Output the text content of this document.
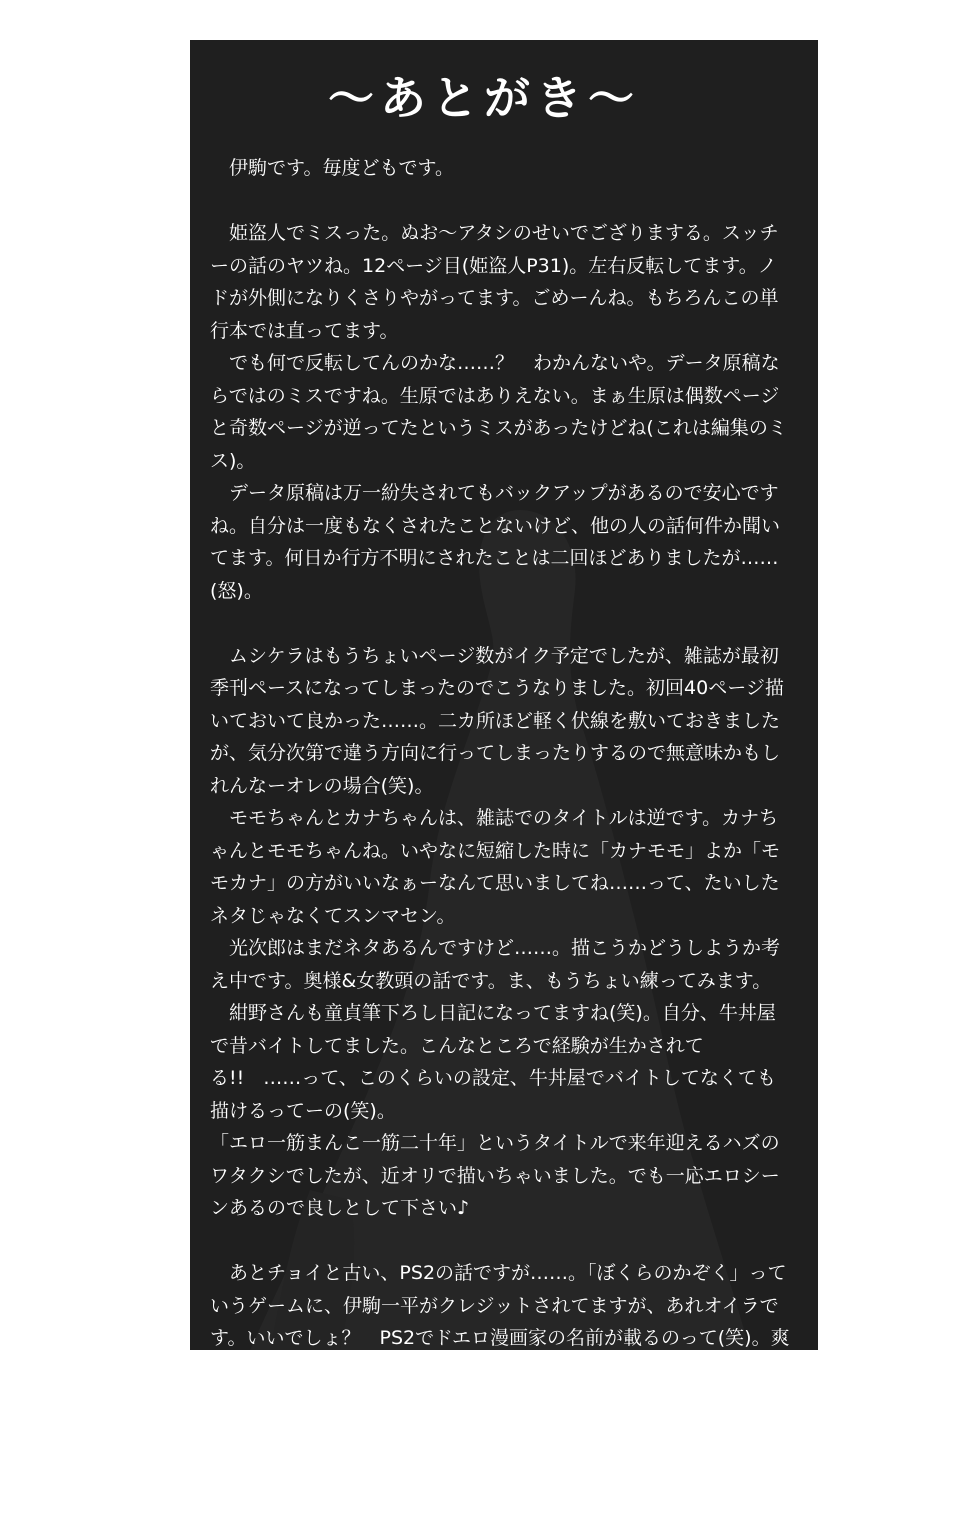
〜あとがき〜

伊駒です。毎度どもです。

姫盗人でミスった。ぬお〜アタシのせいでござりまする。スッチーの話のヤツね。12ページ目(姫盗人P31)。左右反転してます。ノドが外側になりくさりやがってます。ごめーんね。もちろんこの単行本では直ってます。

でも何で反転してんのかな……？　わかんないや。データ原稿ならではのミスですね。生原ではありえない。まぁ生原は偶数ページと奇数ページが逆ってたというミスがあったけどね(これは編集のミス)。

データ原稿は万一紛失されてもバックアップがあるので安心ですね。自分は一度もなくされたことないけど、他の人の話何件か聞いてます。何日か行方不明にされたことは二回ほどありましたが……(怒)。

ムシケラはもうちょいページ数がイク予定でしたが、雑誌が最初季刊ペースになってしまったのでこうなりました。初回40ページ描いておいて良かった……。二カ所ほど軽く伏線を敷いておきましたが、気分次第で違う方向に行ってしまったりするので無意味かもしれんなーオレの場合(笑)。

モモちゃんとカナちゃんは、雑誌でのタイトルは逆です。カナちゃんとモモちゃんね。いやなに短縮した時に「カナモモ」よか「モモカナ」の方がいいなぁーなんて思いましてね……って、たいしたネタじゃなくてスンマセン。

光次郎はまだネタあるんですけど……。描こうかどうしようか考え中です。奥様&女教頭の話です。ま、もうちょい練ってみます。

紺野さんも童貞筆下ろし日記になってますね(笑)。自分、牛丼屋で昔バイトしてました。こんなところで経験が生かされてる!!　……って、このくらいの設定、牛丼屋でバイトしてなくても描けるってーの(笑)。

「エロ一筋まんこ一筋二十年」というタイトルで来年迎えるハズのワタクシでしたが、近オリで描いちゃいました。でも一応エロシーンあるので良しとして下さい♪

あとチョイと古い、PS2の話ですが……。「ぼくらのかぞく」っていうゲームに、伊駒一平がクレジットされてますが、あれオイラです。いいでしょ？　PS2でドエロ漫画家の名前が載るのって(笑)。爽快ですね。まぁね……ゲームはアレですけどね……(笑)。報告するようなことでもないので、今まで書きませんでした。そりゃキャラデザやってりゃ当然どーんと書いてましたよ(笑)。

ではまた!!
